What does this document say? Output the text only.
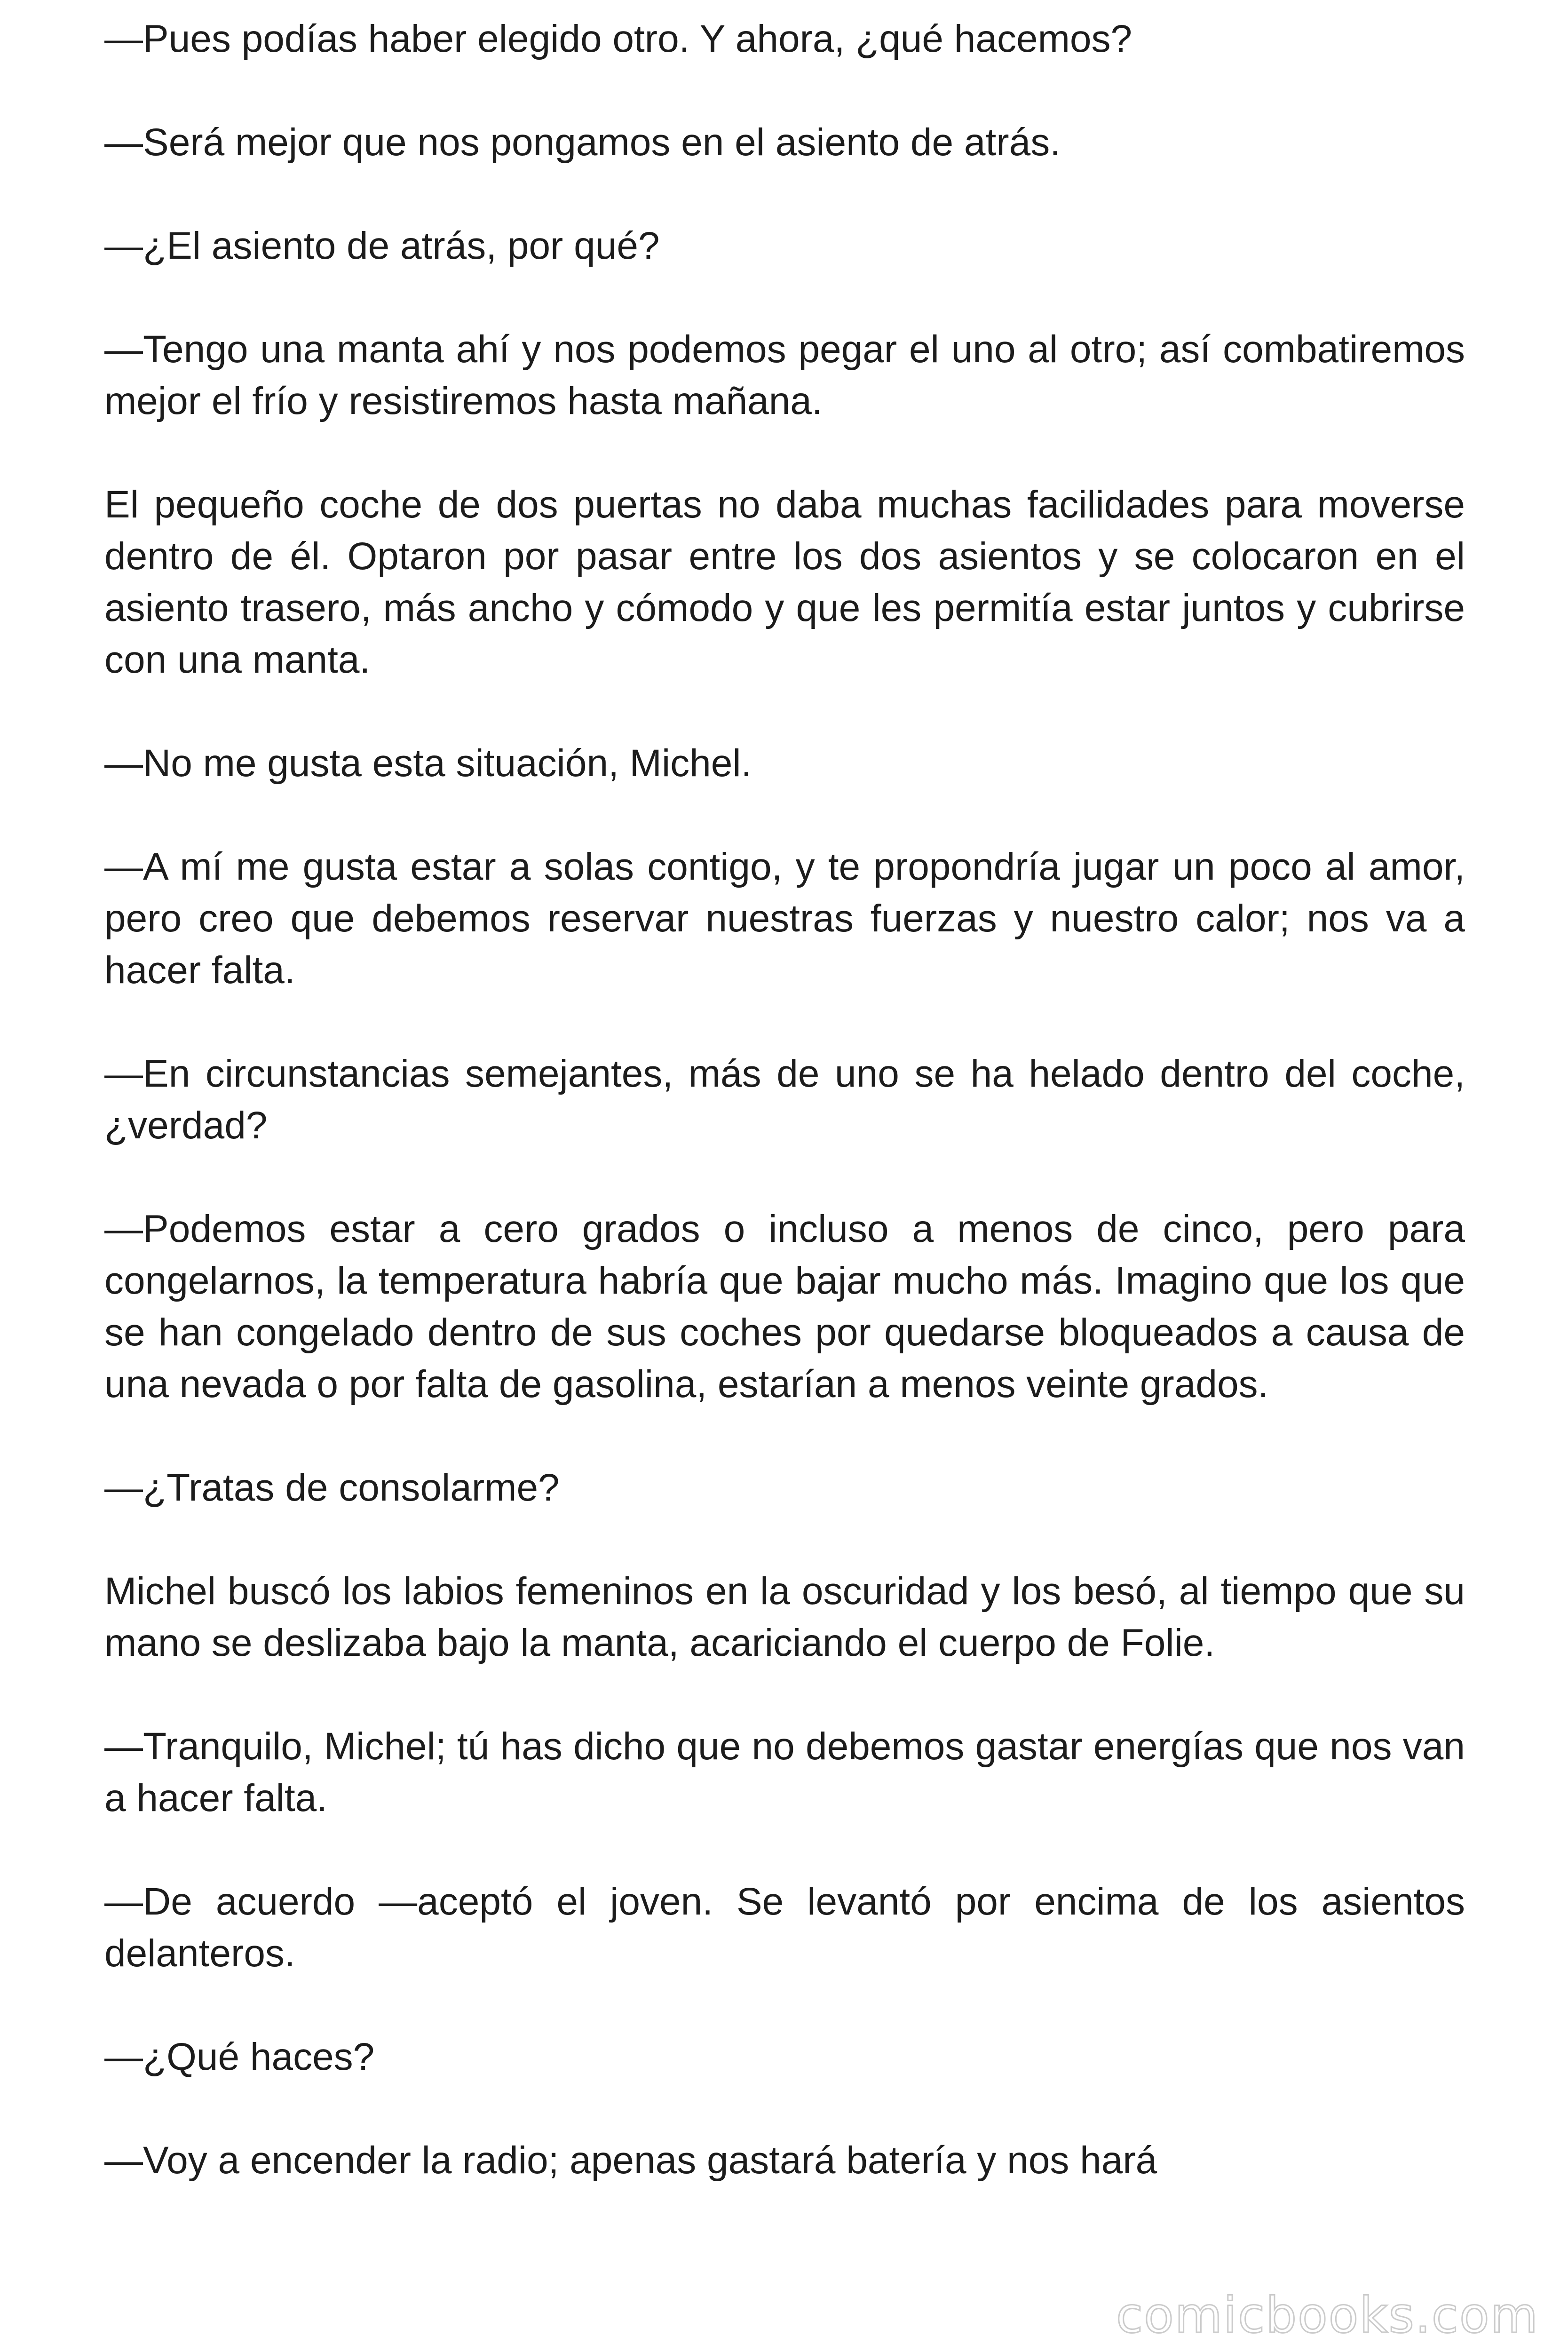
—Pues podías haber elegido otro. Y ahora, ¿qué hacemos?

—Será mejor que nos pongamos en el asiento de atrás.

—¿El asiento de atrás, por qué?

—Tengo una manta ahí y nos podemos pegar el uno al otro; así combatiremos mejor el frío y resistiremos hasta mañana.

El pequeño coche de dos puertas no daba muchas facilidades para moverse dentro de él. Optaron por pasar entre los dos asientos y se colocaron en el asiento trasero, más ancho y cómodo y que les permitía estar juntos y cubrirse con una manta.

—No me gusta esta situación, Michel.

—A mí me gusta estar a solas contigo, y te propondría jugar un poco al amor, pero creo que debemos reservar nuestras fuerzas y nuestro calor; nos va a hacer falta.

—En circunstancias semejantes, más de uno se ha helado dentro del coche, ¿verdad?

—Podemos estar a cero grados o incluso a menos de cinco, pero para congelarnos, la temperatura habría que bajar mucho más. Imagino que los que se han congelado dentro de sus coches por quedarse bloqueados a causa de una nevada o por falta de gasolina, estarían a menos veinte grados.

—¿Tratas de consolarme?

Michel buscó los labios femeninos en la oscuridad y los besó, al tiempo que su mano se deslizaba bajo la manta, acariciando el cuerpo de Folie.

—Tranquilo, Michel; tú has dicho que no debemos gastar energías que nos van a hacer falta.

—De acuerdo —aceptó el joven. Se levantó por encima de los asientos delanteros.

—¿Qué haces?

—Voy a encender la radio; apenas gastará batería y nos hará

comicbooks.com
